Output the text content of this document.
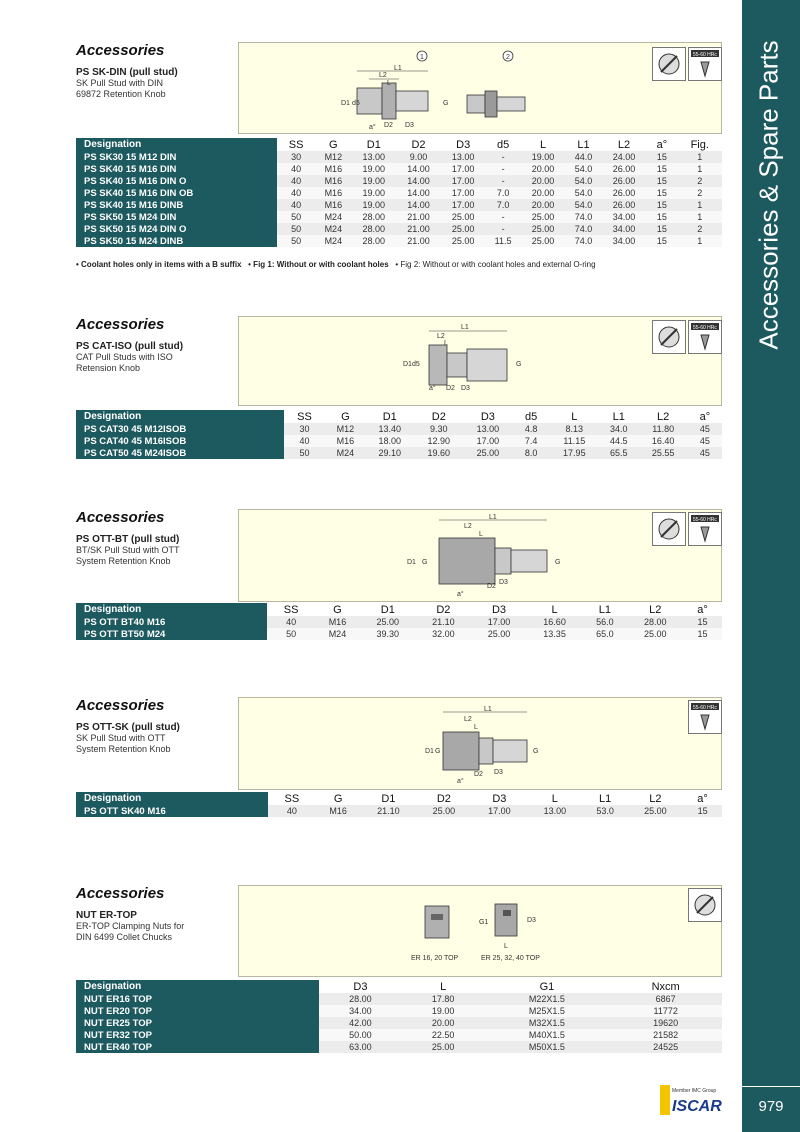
Accessories & Spare Parts
979
Accessories
PS SK-DIN (pull stud)
SK Pull Stud with DIN
69872 Retention Knob
1	2
L1
L2
L
D1 d5	G
D2 D3
a°
55-60 HRc
Designation	SS	G	D1	D2	D3	d5	L	L1	L2	a°	Fig.
PS SK30 15 M12 DIN	30	M12	13.00	9.00	13.00	-	19.00	44.0	24.00	15	1
PS SK40 15 M16 DIN	40	M16	19.00	14.00	17.00	-	20.00	54.0	26.00	15	1
PS SK40 15 M16 DIN O	40	M16	19.00	14.00	17.00	-	20.00	54.0	26.00	15	2
PS SK40 15 M16 DIN OB	40	M16	19.00	14.00	17.00	7.0	20.00	54.0	26.00	15	2
PS SK40 15 M16 DINB	40	M16	19.00	14.00	17.00	7.0	20.00	54.0	26.00	15	1
PS SK50 15 M24 DIN	50	M24	28.00	21.00	25.00	-	25.00	74.0	34.00	15	1
PS SK50 15 M24 DIN O	50	M24	28.00	21.00	25.00	-	25.00	74.0	34.00	15	2
PS SK50 15 M24 DINB	50	M24	28.00	21.00	25.00	11.5	25.00	74.0	34.00	15	1
• Coolant holes only in items with a B suffix • Fig 1: Without or with coolant holes • Fig 2: Without or with coolant holes and external O-ring
Accessories
PS CAT-ISO (pull stud)
CAT Pull Studs with ISO
Retension Knob
L1
L2
L
D1 d5	G
D2 D3
a°
55-60 HRc
Designation	SS	G	D1	D2	D3	d5	L	L1	L2	a°
PS CAT30 45 M12ISOB	30	M12	13.40	9.30	13.00	4.8	8.13	34.0	11.80	45
PS CAT40 45 M16ISOB	40	M16	18.00	12.90	17.00	7.4	11.15	44.5	16.40	45
PS CAT50 45 M24ISOB	50	M24	29.10	19.60	25.00	8.0	17.95	65.5	25.55	45
Accessories
PS OTT-BT (pull stud)
BT/SK Pull Stud with OTT
System Retention Knob
L1
L2
L
D1 G	G
D2
D3
a°
55-60 HRc
Designation	SS	G	D1	D2	D3	L	L1	L2	a°
PS OTT BT40 M16	40	M16	25.00	21.10	17.00	16.60	56.0	28.00	15
PS OTT BT50 M24	50	M24	39.30	32.00	25.00	13.35	65.0	25.00	15
Accessories
PS OTT-SK (pull stud)
SK Pull Stud with OTT
System Retention Knob
L1
L2
L
D1 G	G
D2 D3
a°
55-60 HRc
Designation	SS	G	D1	D2	D3	L	L1	L2	a°
PS OTT SK40 M16	40	M16	21.10	25.00	17.00	13.00	53.0	25.00	15
Accessories
NUT ER-TOP
ER-TOP Clamping Nuts for
DIN 6499 Collet Chucks
G1	D3
L
ER 16, 20 TOP	ER 25, 32, 40 TOP
Designation	D3	L	G1	Nxcm
NUT ER16 TOP	28.00	17.80	M22X1.5	6867
NUT ER20 TOP	34.00	19.00	M25X1.5	11772
NUT ER25 TOP	42.00	20.00	M32X1.5	19620
NUT ER32 TOP	50.00	22.50	M40X1.5	21582
NUT ER40 TOP	63.00	25.00	M50X1.5	24525
Member IMC Group
ISCAR
